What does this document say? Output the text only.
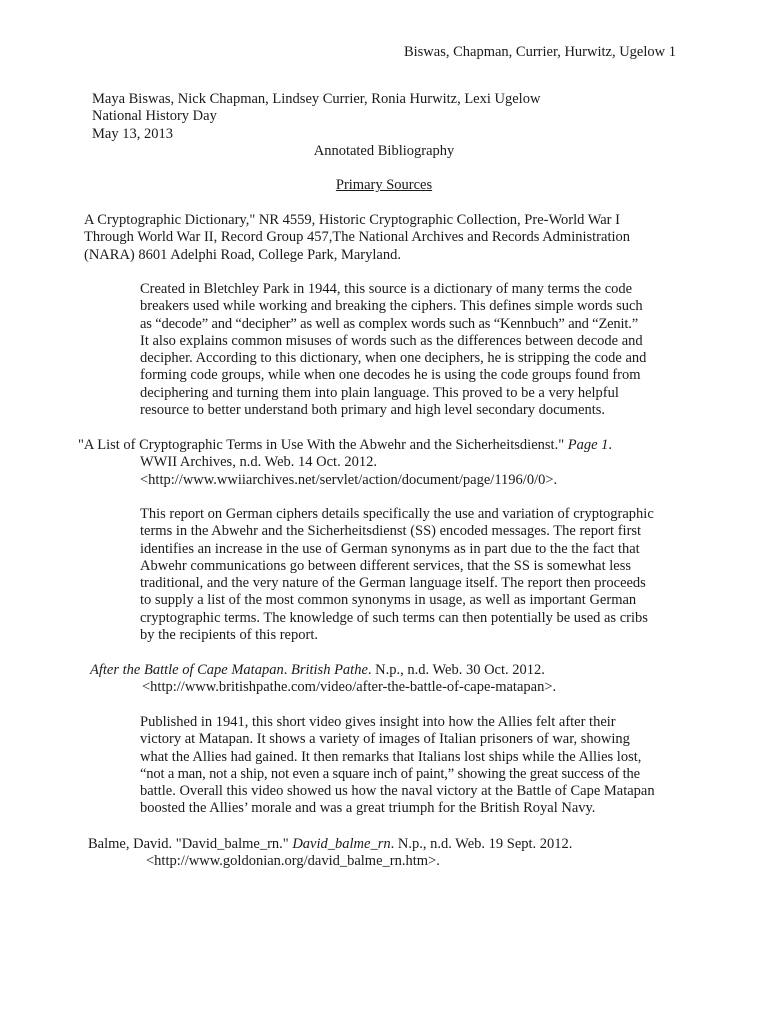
Biswas, Chapman, Currier, Hurwitz, Ugelow 1
Maya Biswas, Nick Chapman, Lindsey Currier, Ronia Hurwitz, Lexi Ugelow
National History Day
May 13, 2013
Annotated Bibliography
Primary Sources
A Cryptographic Dictionary," NR 4559, Historic Cryptographic Collection, Pre-World War I
Through World War II, Record Group 457,The National Archives and Records Administration
(NARA) 8601 Adelphi Road, College Park, Maryland.
Created in Bletchley Park in 1944, this source is a dictionary of many terms the code
breakers used while working and breaking the ciphers. This defines simple words such
as “decode” and “decipher” as well as complex words such as “Kennbuch” and “Zenit.”
It also explains common misuses of words such as the differences between decode and
decipher. According to this dictionary, when one deciphers, he is stripping the code and
forming code groups, while when one decodes he is using the code groups found from
deciphering and turning them into plain language. This proved to be a very helpful
resource to better understand both primary and high level secondary documents.
"A List of Cryptographic Terms in Use With the Abwehr and the Sicherheitsdienst." Page 1.
WWII Archives, n.d. Web. 14 Oct. 2012.
<http://www.wwiiarchives.net/servlet/action/document/page/1196/0/0>.
This report on German ciphers details specifically the use and variation of cryptographic
terms in the Abwehr and the Sicherheitsdienst (SS) encoded messages. The report first
identifies an increase in the use of German synonyms as in part due to the the fact that
Abwehr communications go between different services, that the SS is somewhat less
traditional, and the very nature of the German language itself. The report then proceeds
to supply a list of the most common synonyms in usage, as well as important German
cryptographic terms. The knowledge of such terms can then potentially be used as cribs
by the recipients of this report.
After the Battle of Cape Matapan. British Pathe. N.p., n.d. Web. 30 Oct. 2012.
<http://www.britishpathe.com/video/after-the-battle-of-cape-matapan>.
Published in 1941, this short video gives insight into how the Allies felt after their
victory at Matapan. It shows a variety of images of Italian prisoners of war, showing
what the Allies had gained. It then remarks that Italians lost ships while the Allies lost,
“not a man, not a ship, not even a square inch of paint,” showing the great success of the
battle. Overall this video showed us how the naval victory at the Battle of Cape Matapan
boosted the Allies’ morale and was a great triumph for the British Royal Navy.
Balme, David. "David_balme_rn." David_balme_rn. N.p., n.d. Web. 19 Sept. 2012.
<http://www.goldonian.org/david_balme_rn.htm>.
